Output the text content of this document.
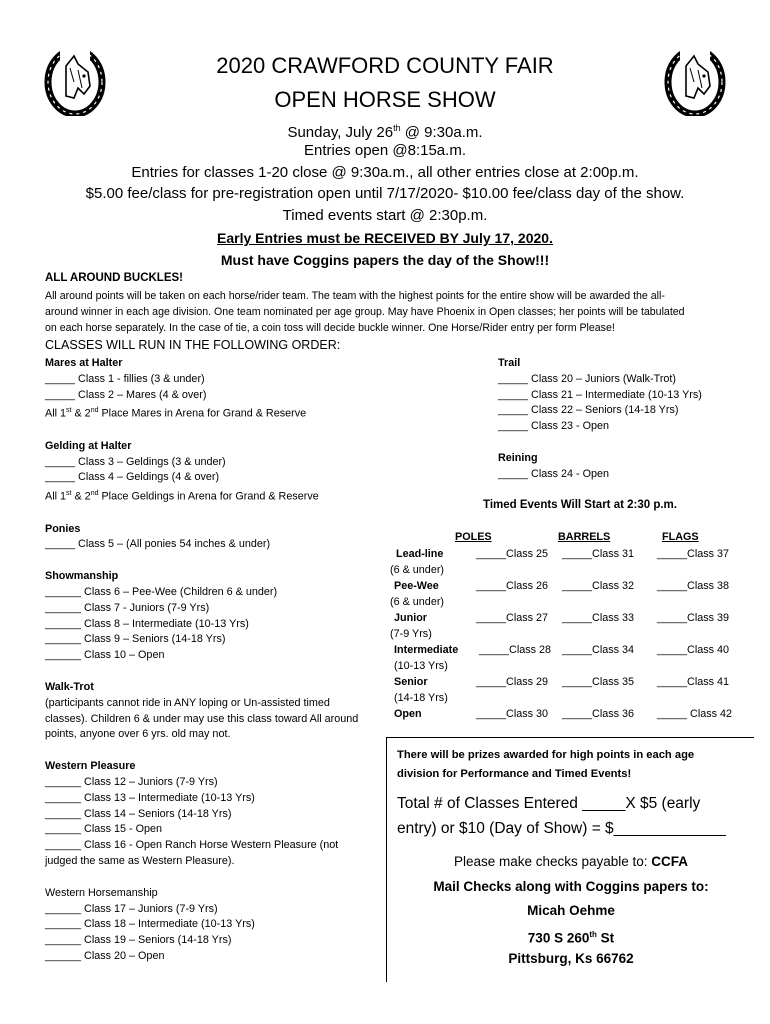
2020 CRAWFORD COUNTY FAIR
OPEN HORSE SHOW
Sunday, July 26th @ 9:30a.m.
Entries open @8:15a.m.
Entries for classes 1-20 close @ 9:30a.m., all other entries close at 2:00p.m.
$5.00 fee/class for pre-registration open until 7/17/2020- $10.00 fee/class day of the show.
Timed events start @ 2:30p.m.
Early Entries must be RECEIVED BY July 17, 2020.
Must have Coggins papers the day of the Show!!!
ALL AROUND BUCKLES!
All around points will be taken on each horse/rider team. The team with the highest points for the entire show will be awarded the all-
around winner in each age division. One team nominated per age group. May have Phoenix in Open classes; her points will be tabulated
on each horse separately. In the case of tie, a coin toss will decide buckle winner. One Horse/Rider entry per form Please!
CLASSES WILL RUN IN THE FOLLOWING ORDER:
Mares at Halter
_____ Class 1 - fillies (3 & under)
_____ Class 2 – Mares (4 & over)
All 1st & 2nd Place Mares in Arena for Grand & Reserve
Gelding at Halter
_____ Class 3 – Geldings (3 & under)
_____ Class 4 – Geldings (4 & over)
All 1st & 2nd Place Geldings in Arena for Grand & Reserve
Ponies
_____ Class 5 – (All ponies 54 inches & under)
Showmanship
______ Class 6 – Pee-Wee (Children 6 & under)
______ Class 7 - Juniors (7-9 Yrs)
______ Class 8 – Intermediate (10-13 Yrs)
______ Class 9 – Seniors (14-18 Yrs)
______ Class 10 – Open
Walk-Trot
(participants cannot ride in ANY loping or Un-assisted timed
classes). Children 6 & under may use this class toward All around
points, anyone over 6 yrs. old may not.
Western Pleasure
______ Class 12 – Juniors (7-9 Yrs)
______ Class 13 – Intermediate (10-13 Yrs)
______ Class 14 – Seniors (14-18 Yrs)
______ Class 15 - Open
______ Class 16 - Open Ranch Horse Western Pleasure (not
judged the same as Western Pleasure).
Western Horsemanship
______ Class 17 – Juniors (7-9 Yrs)
______ Class 18 – Intermediate (10-13 Yrs)
______ Class 19 – Seniors (14-18 Yrs)
______ Class 20 – Open
Trail
_____ Class 20 – Juniors (Walk-Trot)
_____ Class 21 – Intermediate (10-13 Yrs)
_____ Class 22 – Seniors (14-18 Yrs)
_____ Class 23 - Open
Reining
_____ Class 24 - Open
Timed Events Will Start at 2:30 p.m.
POLES	BARRELS	FLAGS
Lead-line
(6 & under)
_____Class 25 _____Class 31 _____Class 37
Pee-Wee
(6 & under)
_____Class 26 _____Class 32 _____Class 38
Junior
(7-9 Yrs)
_____Class 27 _____Class 33 _____Class 39
Intermediate
(10-13 Yrs)
_____Class 28 _____Class 34 _____Class 40
Senior
(14-18 Yrs)
_____Class 29 _____Class 35 _____Class 41
Open	_____Class 30 _____Class 36 _____ Class 42
There will be prizes awarded for high points in each age
division for Performance and Timed Events!
Total # of Classes Entered _____X $5 (early
entry) or $10 (Day of Show) = $_____________
Please make checks payable to: CCFA
Mail Checks along with Coggins papers to:
Micah Oehme
730 S 260th St
Pittsburg, Ks 66762
